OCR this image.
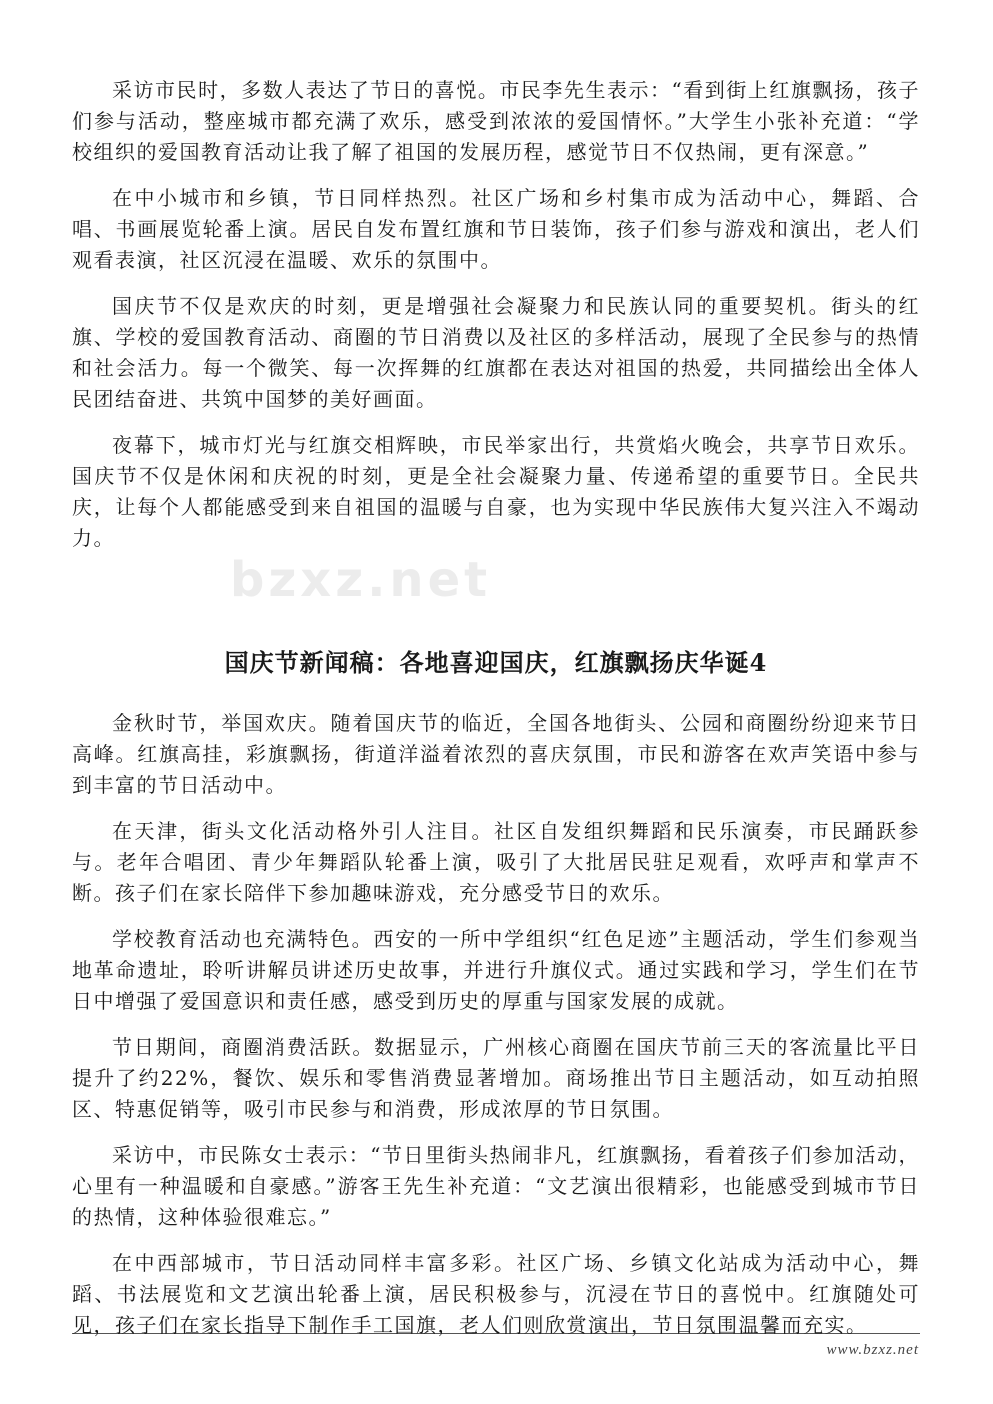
bzxz.net

采访市民时，多数人表达了节日的喜悦。市民李先生表示：“看到街上红旗飘扬，孩子们参与活动，整座城市都充满了欢乐，感受到浓浓的爱国情怀。”大学生小张补充道：“学校组织的爱国教育活动让我了解了祖国的发展历程，感觉节日不仅热闹，更有深意。”

在中小城市和乡镇，节日同样热烈。社区广场和乡村集市成为活动中心，舞蹈、合唱、书画展览轮番上演。居民自发布置红旗和节日装饰，孩子们参与游戏和演出，老人们观看表演，社区沉浸在温暖、欢乐的氛围中。

国庆节不仅是欢庆的时刻，更是增强社会凝聚力和民族认同的重要契机。街头的红旗、学校的爱国教育活动、商圈的节日消费以及社区的多样活动，展现了全民参与的热情和社会活力。每一个微笑、每一次挥舞的红旗都在表达对祖国的热爱，共同描绘出全体人民团结奋进、共筑中国梦的美好画面。

夜幕下，城市灯光与红旗交相辉映，市民举家出行，共赏焰火晚会，共享节日欢乐。国庆节不仅是休闲和庆祝的时刻，更是全社会凝聚力量、传递希望的重要节日。全民共庆，让每个人都能感受到来自祖国的温暖与自豪，也为实现中华民族伟大复兴注入不竭动力。

国庆节新闻稿：各地喜迎国庆，红旗飘扬庆华诞4

金秋时节，举国欢庆。随着国庆节的临近，全国各地街头、公园和商圈纷纷迎来节日高峰。红旗高挂，彩旗飘扬，街道洋溢着浓烈的喜庆氛围，市民和游客在欢声笑语中参与到丰富的节日活动中。

在天津，街头文化活动格外引人注目。社区自发组织舞蹈和民乐演奏，市民踊跃参与。老年合唱团、青少年舞蹈队轮番上演，吸引了大批居民驻足观看，欢呼声和掌声不断。孩子们在家长陪伴下参加趣味游戏，充分感受节日的欢乐。

学校教育活动也充满特色。西安的一所中学组织“红色足迹”主题活动，学生们参观当地革命遗址，聆听讲解员讲述历史故事，并进行升旗仪式。通过实践和学习，学生们在节日中增强了爱国意识和责任感，感受到历史的厚重与国家发展的成就。

节日期间，商圈消费活跃。数据显示，广州核心商圈在国庆节前三天的客流量比平日提升了约22%，餐饮、娱乐和零售消费显著增加。商场推出节日主题活动，如互动拍照区、特惠促销等，吸引市民参与和消费，形成浓厚的节日氛围。

采访中，市民陈女士表示：“节日里街头热闹非凡，红旗飘扬，看着孩子们参加活动，心里有一种温暖和自豪感。”游客王先生补充道：“文艺演出很精彩，也能感受到城市节日的热情，这种体验很难忘。”

在中西部城市，节日活动同样丰富多彩。社区广场、乡镇文化站成为活动中心，舞蹈、书法展览和文艺演出轮番上演，居民积极参与，沉浸在节日的喜悦中。红旗随处可见，孩子们在家长指导下制作手工国旗，老人们则欣赏演出，节日氛围温馨而充实。

www.bzxz.net
